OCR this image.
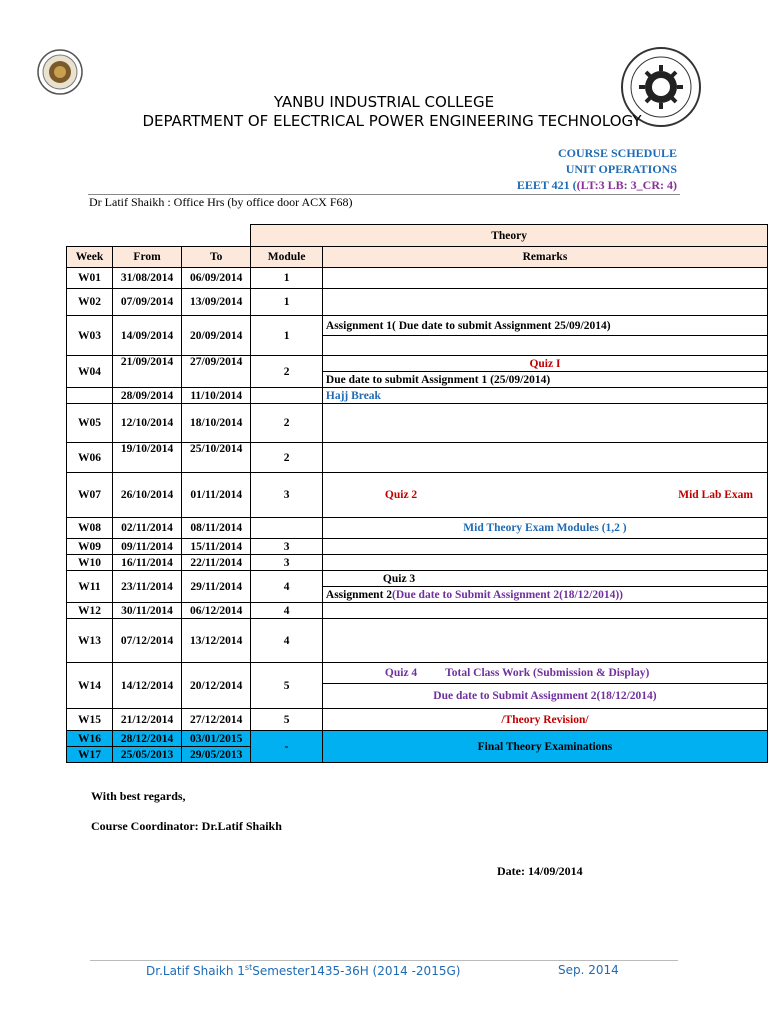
YANBU INDUSTRIAL COLLEGE
DEPARTMENT OF ELECTRICAL POWER ENGINEERING TECHNOLOGY
COURSE SCHEDULE
UNIT OPERATIONS
EEET 421 ((LT:3 LB: 3_CR: 4)
Dr Latif Shaikh : Office Hrs (by office door ACX F68)
			Theory	
Week	From	To	Module	Remarks
W01	31/08/2014	06/09/2014	1	
W02	07/09/2014	13/09/2014	1	
W03	14/09/2014	20/09/2014	1	Assignment 1( Due date to submit Assignment 25/09/2014)

W04	21/09/2014	27/09/2014	2	Quiz I
				Due date to submit Assignment 1 (25/09/2014)
	28/09/2014	11/10/2014		Hajj Break
W05	12/10/2014	18/10/2014	2	
W06	19/10/2014	25/10/2014	2	
W07	26/10/2014	01/11/2014	3	Quiz 2 Mid Lab Exam

W08	02/11/2014	08/11/2014		Mid Theory Exam Modules (1,2 )
W09	09/11/2014	15/11/2014	3	
W10	16/11/2014	22/11/2014	3	
W11	23/11/2014	29/11/2014	4	Quiz 3
				Assignment 2(Due date to Submit Assignment 2(18/12/2014))
W12	30/11/2014	06/12/2014	4	
W13	07/12/2014	13/12/2014	4	
W14	14/12/2014	20/12/2014	5	Quiz 4 Total Class Work (Submission & Display)
				Due date to Submit Assignment 2(18/12/2014)
W15	21/12/2014	27/12/2014	5	/Theory Revision/
W16	28/12/2014	03/01/2015	-	Final Theory Examinations
W17	25/05/2013	29/05/2013		
With best regards,
Course Coordinator: Dr.Latif Shaikh
Date: 14/09/2014
Dr.Latif Shaikh 1stSemester1435-36H (2014 -2015G)	Sep. 2014
